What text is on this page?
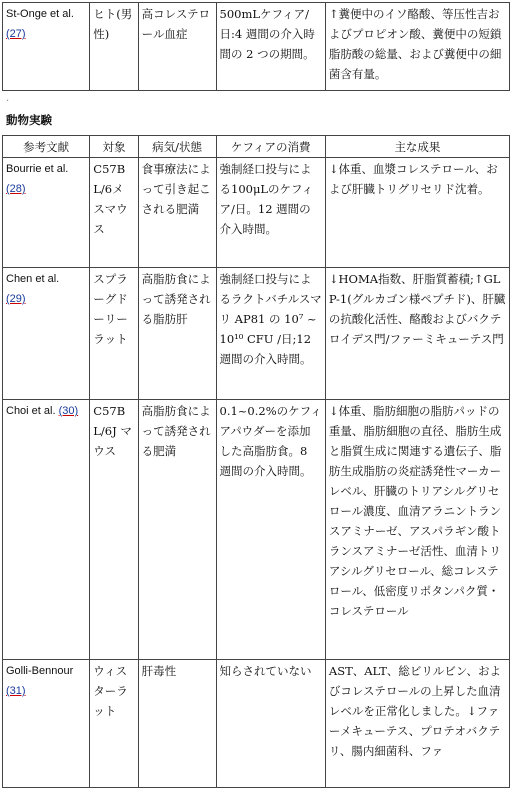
St-Onge et al.
(27)	ヒト(男性)	高コレステロール血症	500mLケフィア/日:4 週間の介入時間の 2 つの期間。	↑糞便中のイソ酪酸、等压性吉およびプロピオン酸、糞便中の短鎖脂肪酸の総量、および糞便中の細菌含有量。
.
動物実験
参考文献	対象	病気/状態	ケフィアの消費	主な成果
Bourrie et al.
(28)	C57BL/6メスマウス	食事療法によって引き起こされる肥満	強制経口投与による100μLのケフィア/日。12 週間の介入時間。	↓体重、血漿コレステロール、および肝臓トリグリセリド沈着。
Chen et al.
(29)	スプラーグドーリーラット	高脂肪食によって誘発される脂肪肝	強制経口投与によるラクトバチルスマリ AP81 の 10⁷ ~ 10¹⁰ CFU /日;12週間の介入時間。	↓HOMA指数、肝脂質蓄積;↑GLP-1(グルカゴン様ペプチド)、肝臓の抗酸化活性、酪酸およびバクテロイデス門/ファーミキューテス門
Choi et al. (30)	C57BL/6J マウス	高脂肪食によって誘発される肥満	0.1~0.2%のケフィアパウダーを添加した高脂肪食。8 週間の介入時間。	↓体重、脂肪細胞の脂肪パッドの重量、脂肪細胞の直径、脂肪生成と脂質生成に関連する遺伝子、脂肪生成脂肪の炎症誘発性マーカーレベル、肝臓のトリアシルグリセロール濃度、血清アラニントランスアミナーゼ、アスパラギン酸トランスアミナーゼ活性、血清トリアシルグリセロール、総コレステロール、低密度リポタンパク質・コレステロール
Golli-Bennour
(31)	ウィスターラット	肝毒性	知らされていない	AST、ALT、総ビリルビン、およびコレステロールの上昇した血清レベルを正常化しました。↓ファーメキューテス、プロテオバクテリ、腸内細菌科、ファ
